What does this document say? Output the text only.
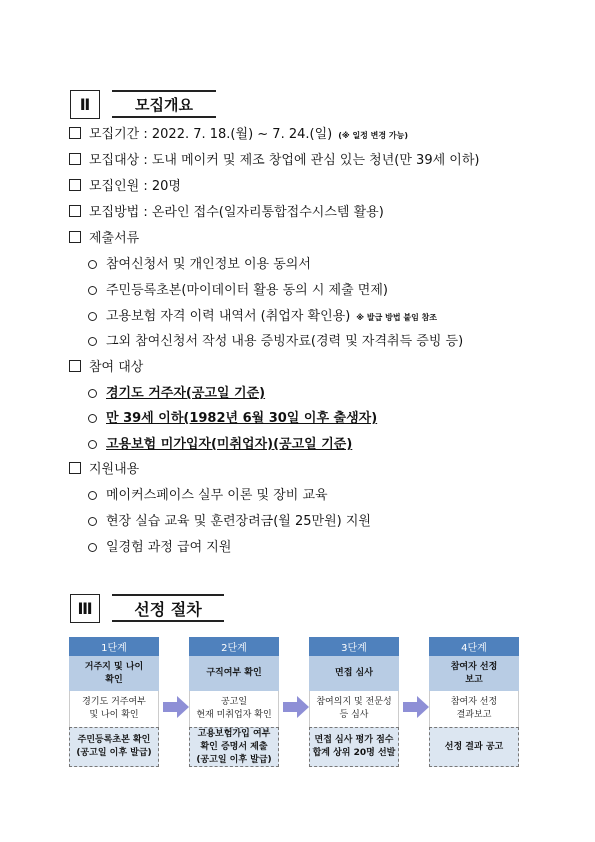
Ⅱ	모집개요
모집기간 : 2022. 7. 18.(월) ~ 7. 24.(일) (※ 일정 변경 가능)
모집대상 : 도내 메이커 및 제조 창업에 관심 있는 청년(만 39세 이하)
모집인원 : 20명
모집방법 : 온라인 접수(일자리통합접수시스템 활용)
제출서류
참여신청서 및 개인정보 이용 동의서
주민등록초본(마이데이터 활용 동의 시 제출 면제)
고용보험 자격 이력 내역서 (취업자 확인용) ※ 발급 방법 붙임 참조
그외 참여신청서 작성 내용 증빙자료(경력 및 자격취득 증빙 등)
참여 대상
경기도 거주자(공고일 기준)
만 39세 이하(1982년 6월 30일 이후 출생자)
고용보험 미가입자(미취업자)(공고일 기준)
지원내용
메이커스페이스 실무 이론 및 장비 교육
현장 실습 교육 및 훈련장려금(월 25만원) 지원
일경험 과정 급여 지원
Ⅲ	선정 절차
1단계
거주지 및 나이
확인
경기도 거주여부
및 나이 확인
주민등록초본 확인
(공고일 이후 발급)
2단계
구직여부 확인
공고일
현재 미취업자 확인
고용보험가입 여부
확인 증명서 제출
(공고일 이후 발급)
3단계
면접 심사
참여의지 및 전문성
등 심사
면접 심사 평가 점수
합계 상위 20명 선발
4단계
참여자 선정
보고
참여자 선정
결과보고
선정 결과 공고
